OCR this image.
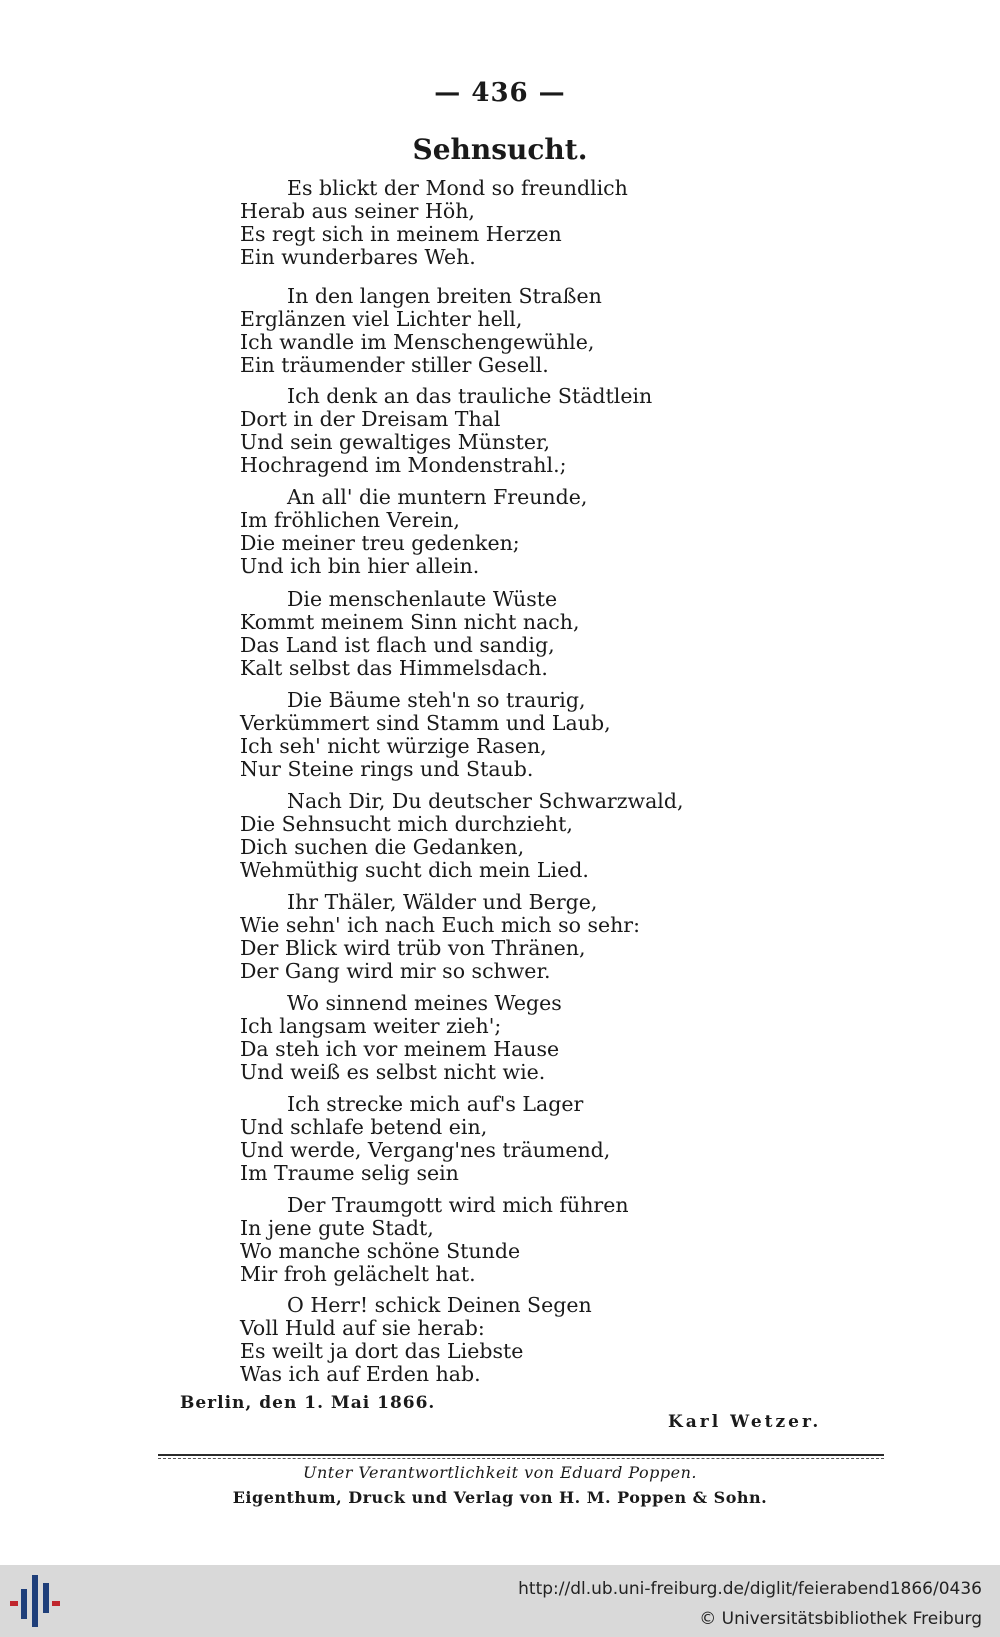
— 436 —
Sehnsucht.
Es blickt der Mond so freundlich
Herab aus seiner Höh,
Es regt sich in meinem Herzen
Ein wunderbares Weh.
In den langen breiten Straßen
Erglänzen viel Lichter hell,
Ich wandle im Menschengewühle,
Ein träumender stiller Gesell.
Ich denk an das trauliche Städtlein
Dort in der Dreisam Thal
Und sein gewaltiges Münster,
Hochragend im Mondenstrahl.;
An all' die muntern Freunde,
Im fröhlichen Verein,
Die meiner treu gedenken;
Und ich bin hier allein.
Die menschenlaute Wüste
Kommt meinem Sinn nicht nach,
Das Land ist flach und sandig,
Kalt selbst das Himmelsdach.
Die Bäume steh'n so traurig,
Verkümmert sind Stamm und Laub,
Ich seh' nicht würzige Rasen,
Nur Steine rings und Staub.
Nach Dir, Du deutscher Schwarzwald,
Die Sehnsucht mich durchzieht,
Dich suchen die Gedanken,
Wehmüthig sucht dich mein Lied.
Ihr Thäler, Wälder und Berge,
Wie sehn' ich nach Euch mich so sehr:
Der Blick wird trüb von Thränen,
Der Gang wird mir so schwer.
Wo sinnend meines Weges
Ich langsam weiter zieh';
Da steh ich vor meinem Hause
Und weiß es selbst nicht wie.
Ich strecke mich auf's Lager
Und schlafe betend ein,
Und werde, Vergang'nes träumend,
Im Traume selig sein
Der Traumgott wird mich führen
In jene gute Stadt,
Wo manche schöne Stunde
Mir froh gelächelt hat.
O Herr! schick Deinen Segen
Voll Huld auf sie herab:
Es weilt ja dort das Liebste
Was ich auf Erden hab.
Berlin, den 1. Mai 1866.
Karl Wetzer.
Unter Verantwortlichkeit von Eduard Poppen.
Eigenthum, Druck und Verlag von H. M. Poppen & Sohn.
http://dl.ub.uni-freiburg.de/diglit/feierabend1866/0436
© Universitätsbibliothek Freiburg
